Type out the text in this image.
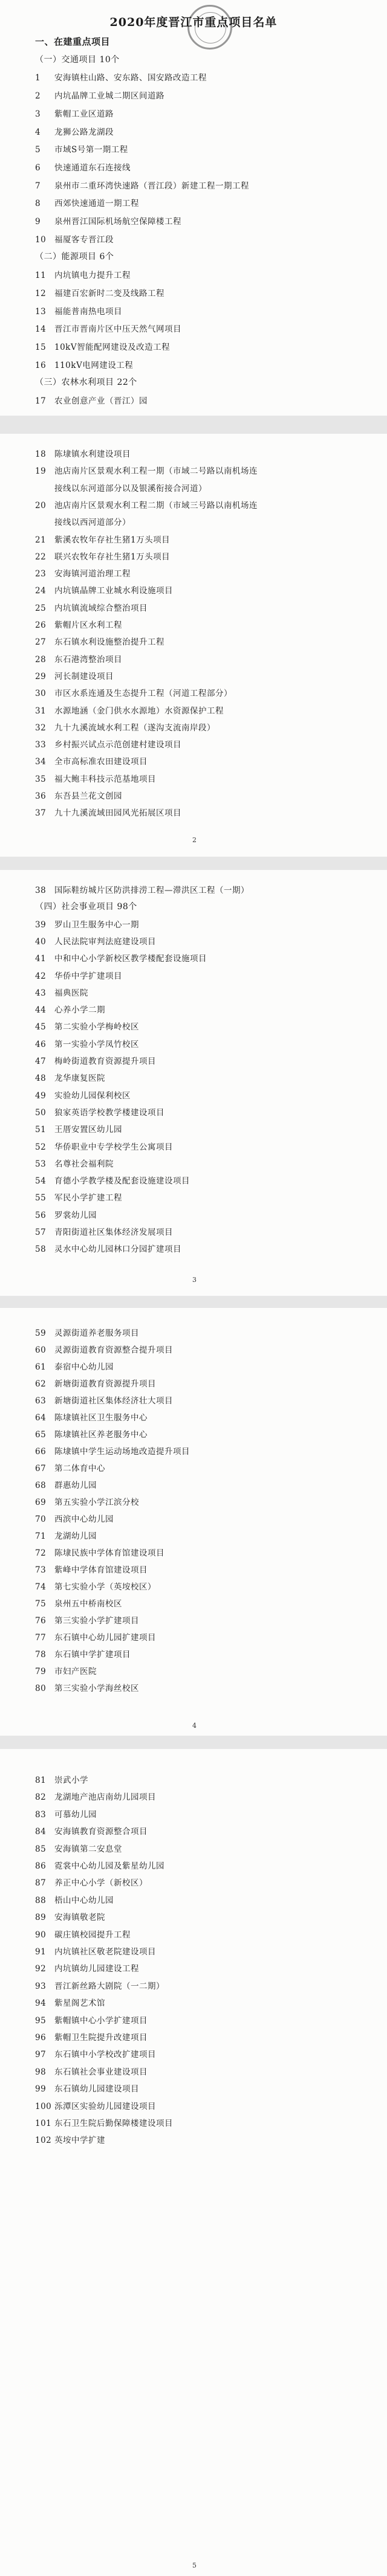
2020年度晋江市重点项目名单
一、在建重点项目
（一）交通项目 10个
1 安海镇柱山路、安东路、国安路改造工程
2 内坑晶牌工业城二期区间道路
3 紫帽工业区道路
4 龙狮公路龙湖段
5 市域S号第一期工程
6 快速通道东石连接线
7 泉州市二重环湾快速路（晋江段）新建工程一期工程
8 西郊快速通道一期工程
9 泉州晋江国际机场航空保障楼工程
10 福厦客专晋江段
（二）能源项目 6个
11 内坑镇电力提升工程
12 福建百宏新时二变及线路工程
13 福能普南热电项目
14 晋江市晋南片区中压天然气网项目
15 10kV智能配网建设及改造工程
16 110kV电网建设工程
（三）农林水利项目 22个
17 农业创意产业（晋江）园
18 陈埭镇水利建设项目
19 池店南片区景观水利工程一期（市域二号路以南机场连
接线以东河道部分以及银溪衔接合河道）
20 池店南片区景观水利工程二期（市域三号路以南机场连
接线以西河道部分）
21 紫溪农牧年存社生猪1万头项目
22 联兴农牧年存社生猪1万头项目
23 安海镇河道治理工程
24 内坑镇晶牌工业城水利设施项目
25 内坑镇流域综合整治项目
26 紫帽片区水利工程
27 东石镇水利设施整治提升工程
28 东石港湾整治项目
29 河长制建设项目
30 市区水系连通及生态提升工程（河道工程部分）
31 水源地涵（金门供水水源地）水资源保护工程
32 九十九溪流域水利工程（遂沟支流南岸段）
33 乡村振兴试点示范创建村建设项目
34 全市高标准农田建设项目
35 福大鲍丰科技示范基地项目
36 东吾县兰花文创园
37 九十九溪流域田园风光拓展区项目
2
38 国际鞋纺城片区防洪排涝工程—滞洪区工程（一期）
（四）社会事业项目 98个
39 罗山卫生服务中心一期
40 人民法院审判法庭建设项目
41 中和中心小学新校区教学楼配套设施项目
42 华侨中学扩建项目
43 福典医院
44 心养小学二期
45 第二实验小学梅岭校区
46 第一实验小学凤竹校区
47 梅岭街道教育资源提升项目
48 龙华康复医院
49 实验幼儿园保利校区
50 狼家英语学校教学楼建设项目
51 王厝安置区幼儿园
52 华侨职业中专学校学生公寓项目
53 名尊社会福利院
54 育德小学教学楼及配套设施建设项目
55 军民小学扩建工程
56 罗裳幼儿园
57 青阳街道社区集体经济发展项目
58 灵水中心幼儿园林口分园扩建项目
3
59 灵源街道养老服务项目
60 灵源街道教育资源整合提升项目
61 泰宿中心幼儿园
62 新塘街道教育资源提升项目
63 新塘街道社区集体经济壮大项目
64 陈埭镇社区卫生服务中心
65 陈埭镇社区养老服务中心
66 陈埭镇中学生运动场地改造提升项目
67 第二体育中心
68 群惠幼儿园
69 第五实验小学江滨分校
70 西滨中心幼儿园
71 龙湖幼儿园
72 陈埭民族中学体育馆建设项目
73 紫峰中学体育馆建设项目
74 第七实验小学（英垵校区）
75 泉州五中桥南校区
76 第三实验小学扩建项目
77 东石镇中心幼儿园扩建项目
78 东石镇中学扩建项目
79 市妇产医院
80 第三实验小学海丝校区
4
81 崇武小学
82 龙湖地产池店南幼儿园项目
83 可慕幼儿园
84 安海镇教育资源整合项目
85 安海镇第二安息堂
86 霓裳中心幼儿园及紫星幼儿园
87 养正中心小学（新校区）
88 梧山中心幼儿园
89 安海镇敬老院
90 碳庄镇校园提升工程
91 内坑镇社区敬老院建设项目
92 内坑镇幼儿园建设工程
93 晋江新丝路大剧院（一二期）
94 紫星阁艺术馆
95 紫帽镇中心小学扩建项目
96 紫帽卫生院提升改建项目
97 东石镇中小学校改扩建项目
98 东石镇社会事业建设项目
99 东石镇幼儿园建设项目
100 泺潭区实验幼儿园建设项目
101 东石卫生院后勤保障楼建设项目
102 英垵中学扩建
5
